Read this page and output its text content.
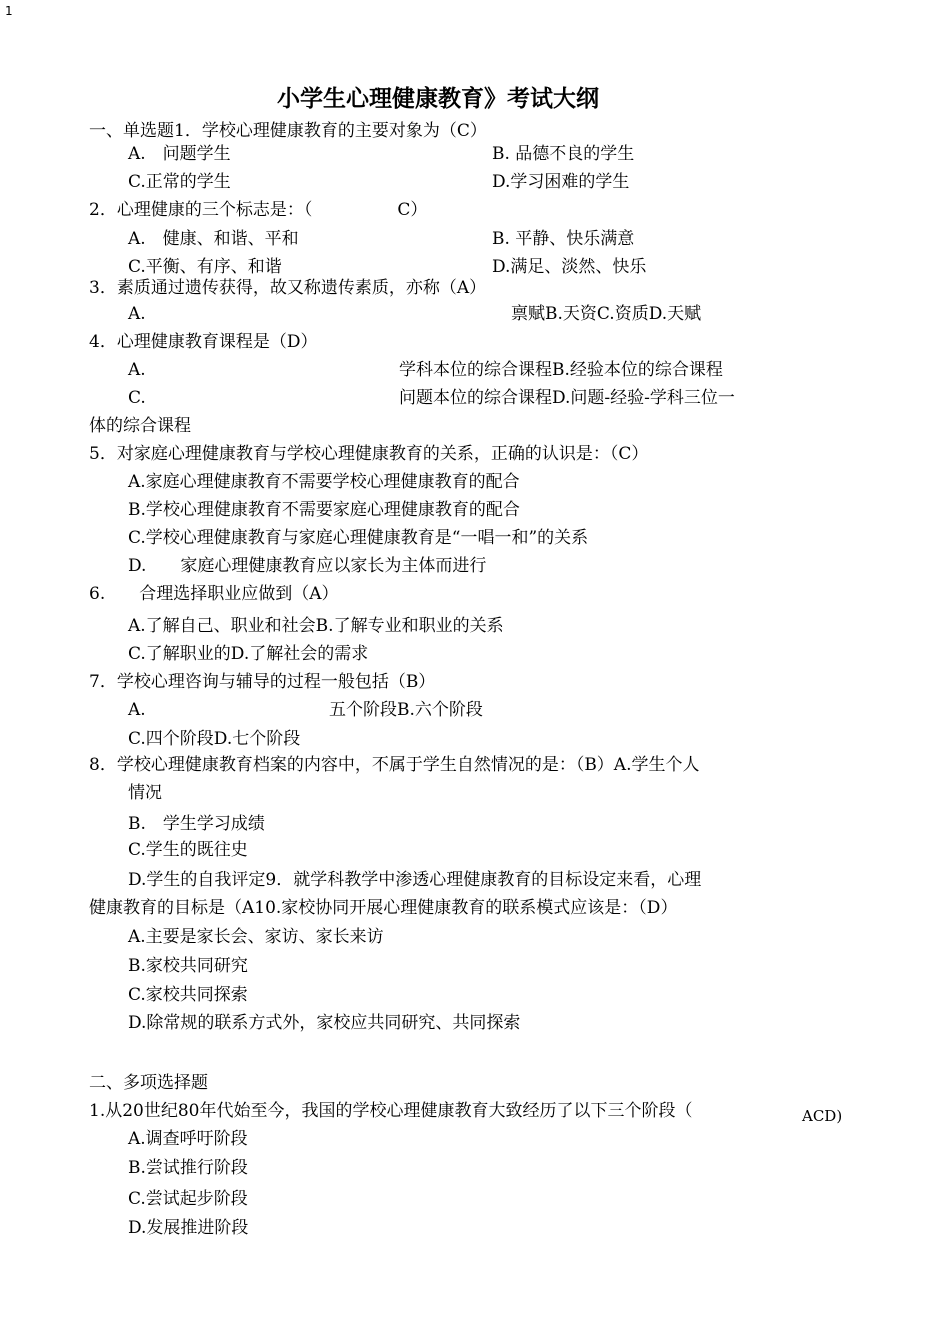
1
小学生心理健康教育》考试大纲
一、单选题1．学校心理健康教育的主要对象为（C）
A.　问题学生	B. 品德不良的学生
C.正常的学生	D.学习困难的学生
2．心理健康的三个标志是：（　　　　　C）
A.　健康、和谐、平和	B. 平静、快乐满意
C.平衡、有序、和谐	D.满足、淡然、快乐
3．素质通过遗传获得，故又称遗传素质，亦称（A）
A.	禀赋B.天资C.资质D.天赋
4．心理健康教育课程是（D）
A.	学科本位的综合课程B.经验本位的综合课程
C.	问题本位的综合课程D.问题-经验-学科三位一
体的综合课程
5．对家庭心理健康教育与学校心理健康教育的关系，正确的认识是：（C）
A.家庭心理健康教育不需要学校心理健康教育的配合
B.学校心理健康教育不需要家庭心理健康教育的配合
C.学校心理健康教育与家庭心理健康教育是“一唱一和”的关系
D.　　家庭心理健康教育应以家长为主体而进行
6.　　合理选择职业应做到（A）
A.了解自己、职业和社会B.了解专业和职业的关系
C.了解职业的D.了解社会的需求
7．学校心理咨询与辅导的过程一般包括（B）
A.	五个阶段B.六个阶段
C.四个阶段D.七个阶段
8．学校心理健康教育档案的内容中，不属于学生自然情况的是：（B）A.学生个人
情况
B.　学生学习成绩
C.学生的既往史
D.学生的自我评定9．就学科教学中渗透心理健康教育的目标设定来看，心理
健康教育的目标是（A10.家校协同开展心理健康教育的联系模式应该是：（D）
A.主要是家长会、家访、家长来访
B.家校共同研究
C.家校共同探索
D.除常规的联系方式外，家校应共同研究、共同探索
二、多项选择题
1.从20世纪80年代始至今，我国的学校心理健康教育大致经历了以下三个阶段（	ACD)
A.调查呼吁阶段
B.尝试推行阶段
C.尝试起步阶段
D.发展推进阶段
